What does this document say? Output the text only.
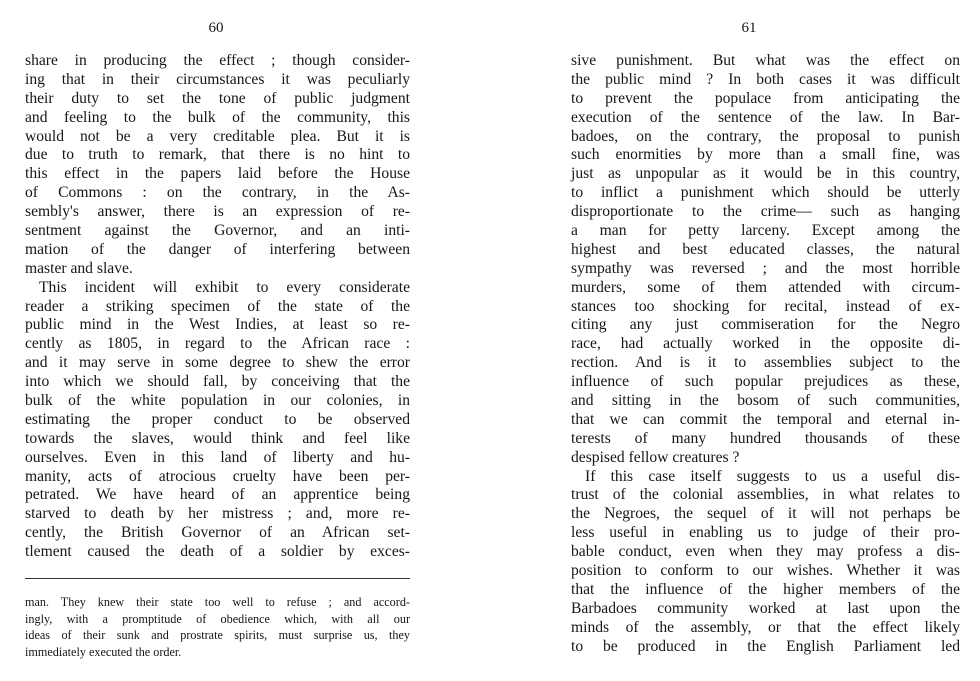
60
share in producing the effect ; though consider-
ing that in their circumstances it was peculiarly
their duty to set the tone of public judgment
and feeling to the bulk of the community, this
would not be a very creditable plea. But it is
due to truth to remark, that there is no hint to
this effect in the papers laid before the House
of Commons : on the contrary, in the As-
sembly's answer, there is an expression of re-
sentment against the Governor, and an inti-
mation of the danger of interfering between
master and slave.
This incident will exhibit to every considerate
reader a striking specimen of the state of the
public mind in the West Indies, at least so re-
cently as 1805, in regard to the African race :
and it may serve in some degree to shew the error
into which we should fall, by conceiving that the
bulk of the white population in our colonies, in
estimating the proper conduct to be observed
towards the slaves, would think and feel like
ourselves. Even in this land of liberty and hu-
manity, acts of atrocious cruelty have been per-
petrated. We have heard of an apprentice being
starved to death by her mistress ; and, more re-
cently, the British Governor of an African set-
tlement caused the death of a soldier by exces-
man. They knew their state too well to refuse ; and accord-
ingly, with a promptitude of obedience which, with all our
ideas of their sunk and prostrate spirits, must surprise us, they
immediately executed the order.
61
sive punishment. But what was the effect on
the public mind ? In both cases it was difficult
to prevent the populace from anticipating the
execution of the sentence of the law. In Bar-
badoes, on the contrary, the proposal to punish
such enormities by more than a small fine, was
just as unpopular as it would be in this country,
to inflict a punishment which should be utterly
disproportionate to the crime— such as hanging
a man for petty larceny. Except among the
highest and best educated classes, the natural
sympathy was reversed ; and the most horrible
murders, some of them attended with circum-
stances too shocking for recital, instead of ex-
citing any just commiseration for the Negro
race, had actually worked in the opposite di-
rection. And is it to assemblies subject to the
influence of such popular prejudices as these,
and sitting in the bosom of such communities,
that we can commit the temporal and eternal in-
terests of many hundred thousands of these
despised fellow creatures ?
If this case itself suggests to us a useful dis-
trust of the colonial assemblies, in what relates to
the Negroes, the sequel of it will not perhaps be
less useful in enabling us to judge of their pro-
bable conduct, even when they may profess a dis-
position to conform to our wishes. Whether it was
that the influence of the higher members of the
Barbadoes community worked at last upon the
minds of the assembly, or that the effect likely
to be produced in the English Parliament led
